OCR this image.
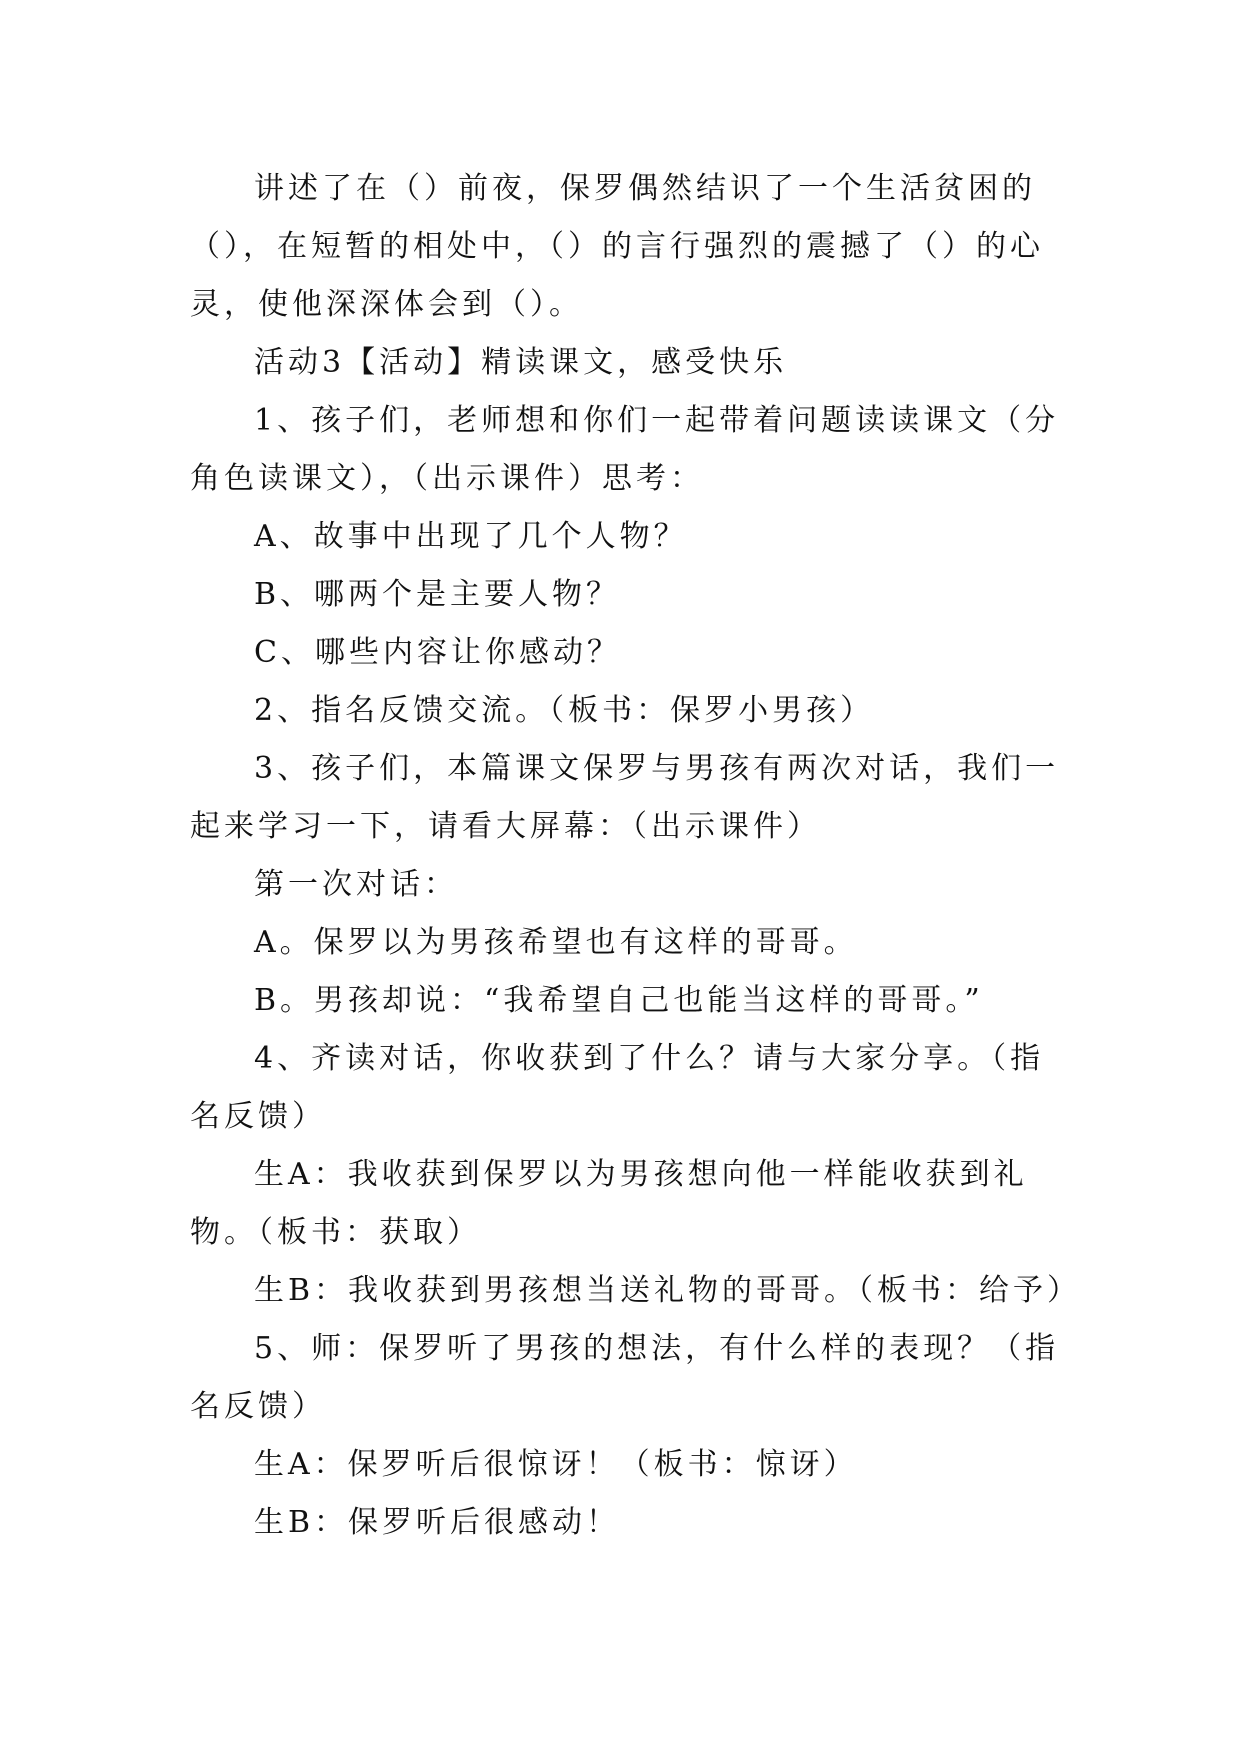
讲述了在（）前夜，保罗偶然结识了一个生活贫困的（），在短暂的相处中，（）的言行强烈的震撼了（）的心灵，使他深深体会到（）。

活动3【活动】精读课文，感受快乐

1、孩子们，老师想和你们一起带着问题读读课文（分角色读课文），（出示课件）思考：

A、故事中出现了几个人物？

B、哪两个是主要人物？

C、哪些内容让你感动？

2、指名反馈交流。（板书：保罗小男孩）

3、孩子们，本篇课文保罗与男孩有两次对话，我们一起来学习一下，请看大屏幕：（出示课件）

第一次对话：

A。保罗以为男孩希望也有这样的哥哥。

B。男孩却说：“我希望自己也能当这样的哥哥。”

4、齐读对话，你收获到了什么？请与大家分享。（指名反馈）

生A：我收获到保罗以为男孩想向他一样能收获到礼物。（板书：获取）

生B：我收获到男孩想当送礼物的哥哥。（板书：给予）

5、师：保罗听了男孩的想法，有什么样的表现？（指名反馈）

生A：保罗听后很惊讶！（板书：惊讶）

生B：保罗听后很感动！
